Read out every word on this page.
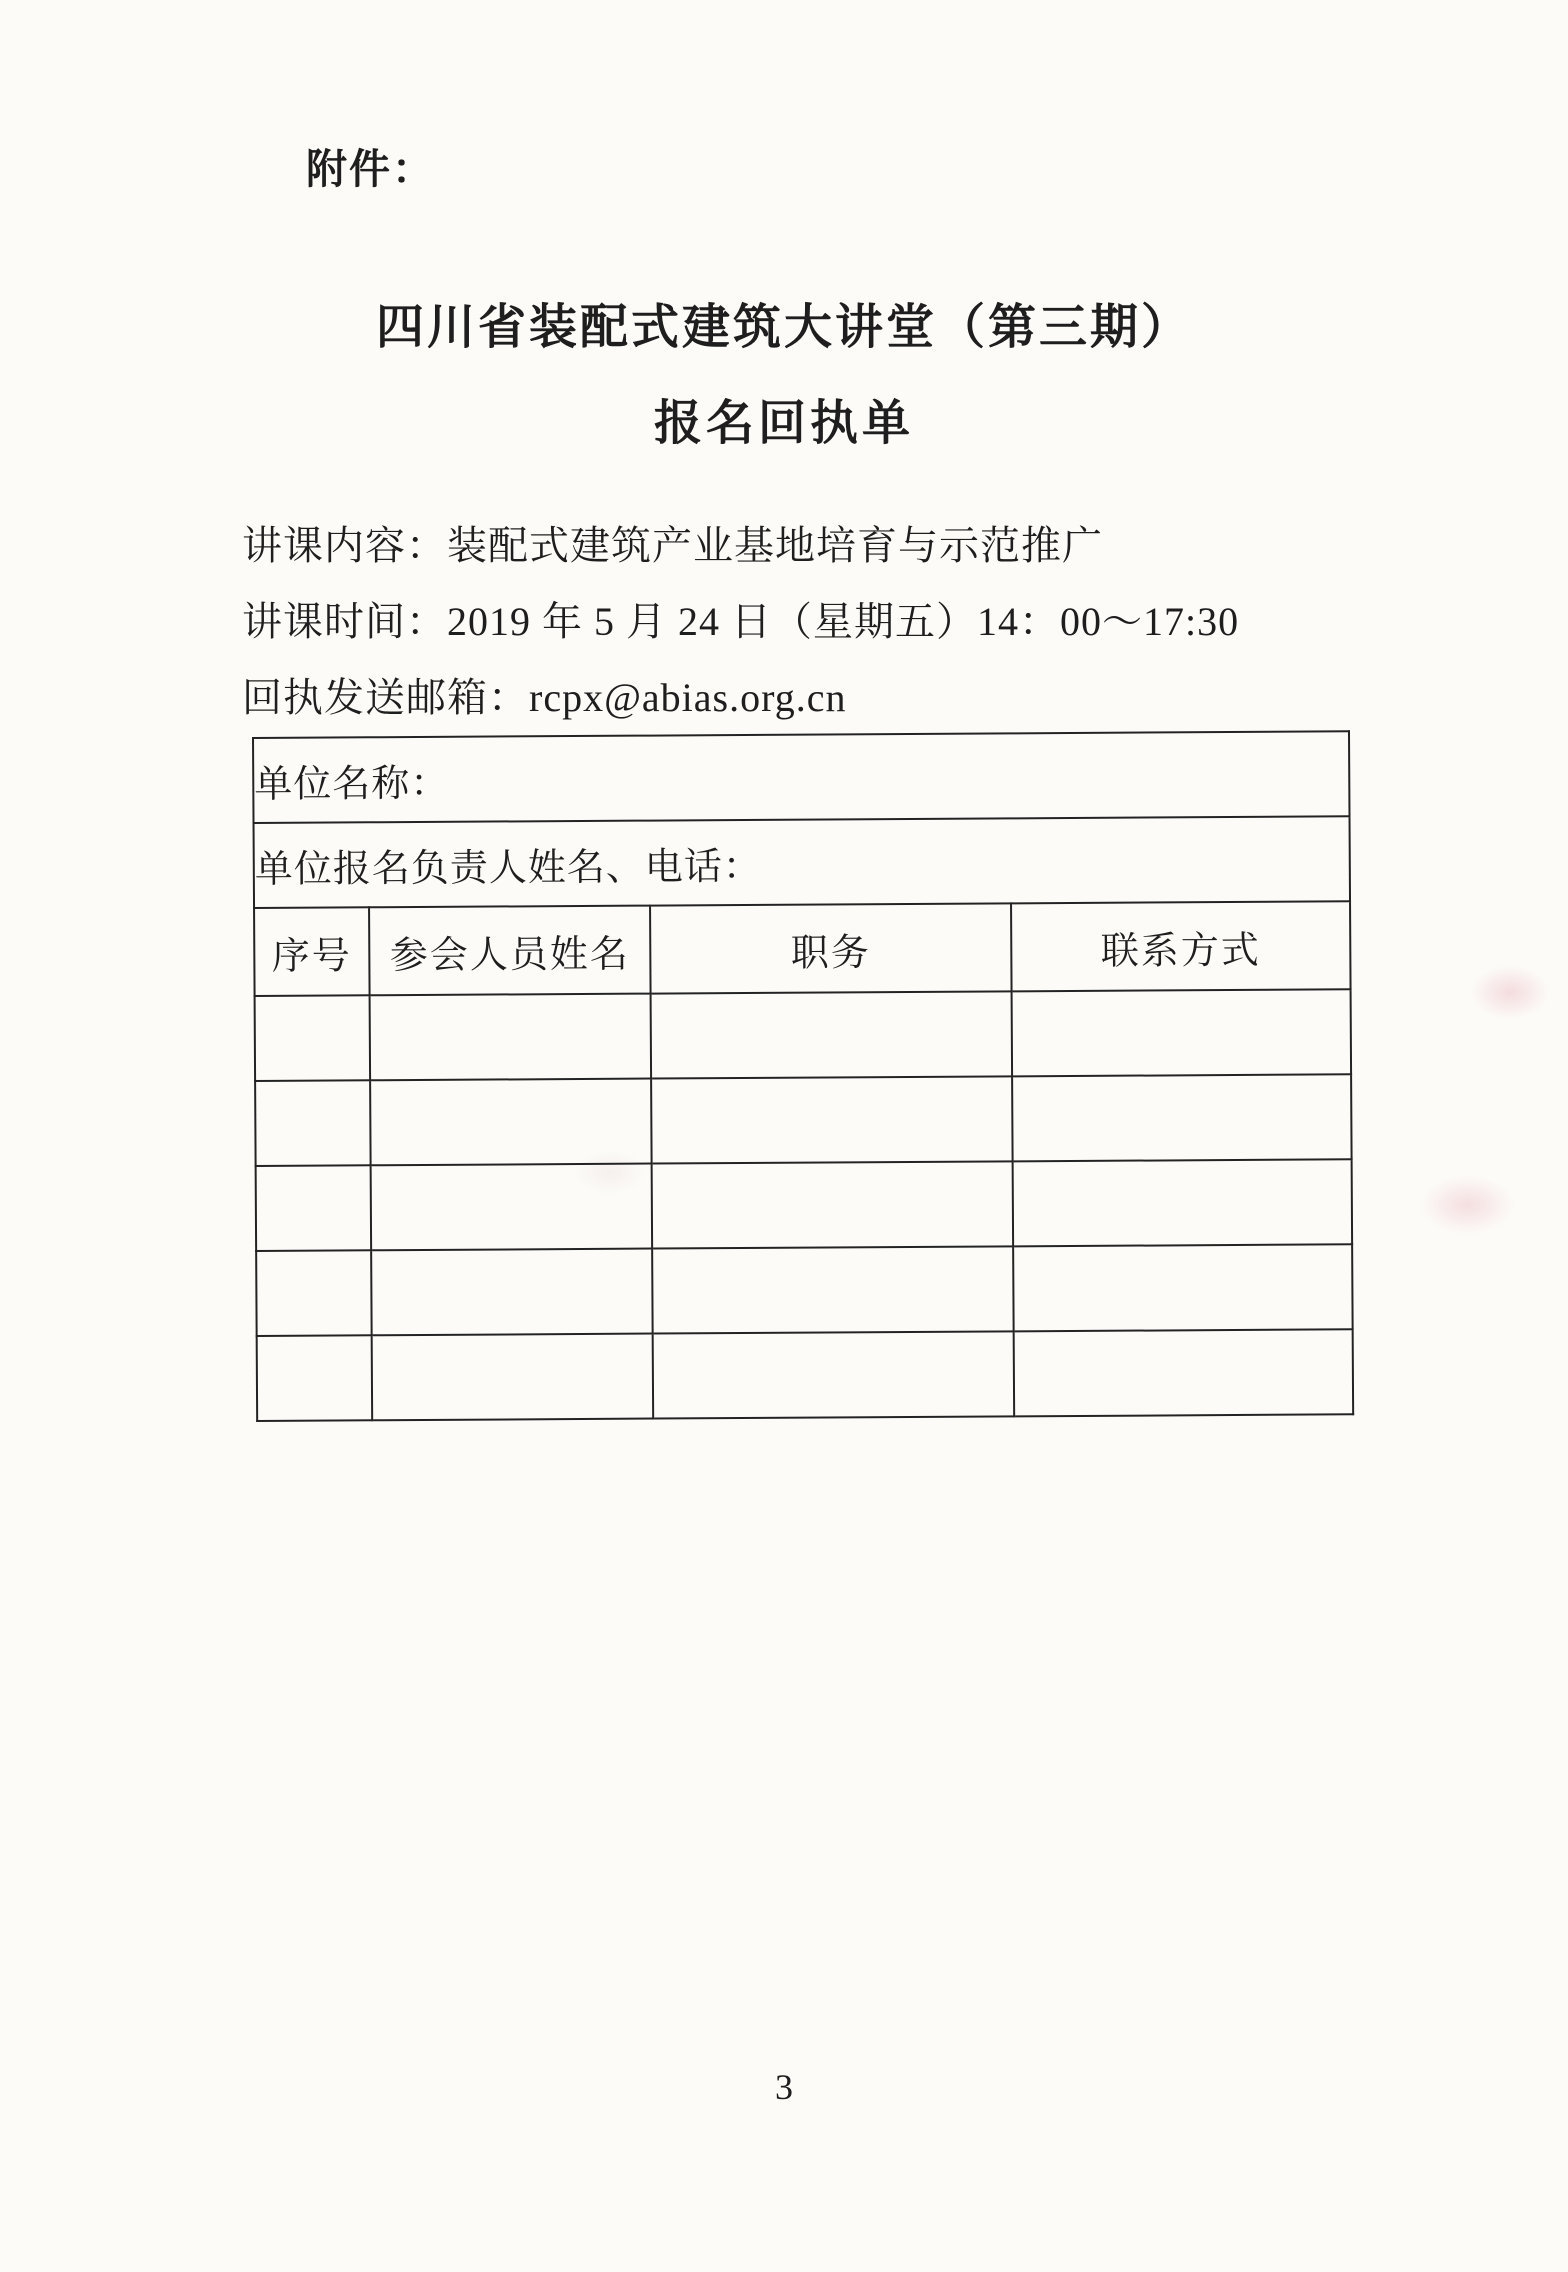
附件：
四川省装配式建筑大讲堂（第三期）
报名回执单
讲课内容：装配式建筑产业基地培育与示范推广
讲课时间：2019 年 5 月 24 日（星期五）14：00～17:30
回执发送邮箱：rcpx@abias.org.cn
单位名称：			
单位报名负责人姓名、电话：			
序号	参会人员姓名	职务	联系方式

3
